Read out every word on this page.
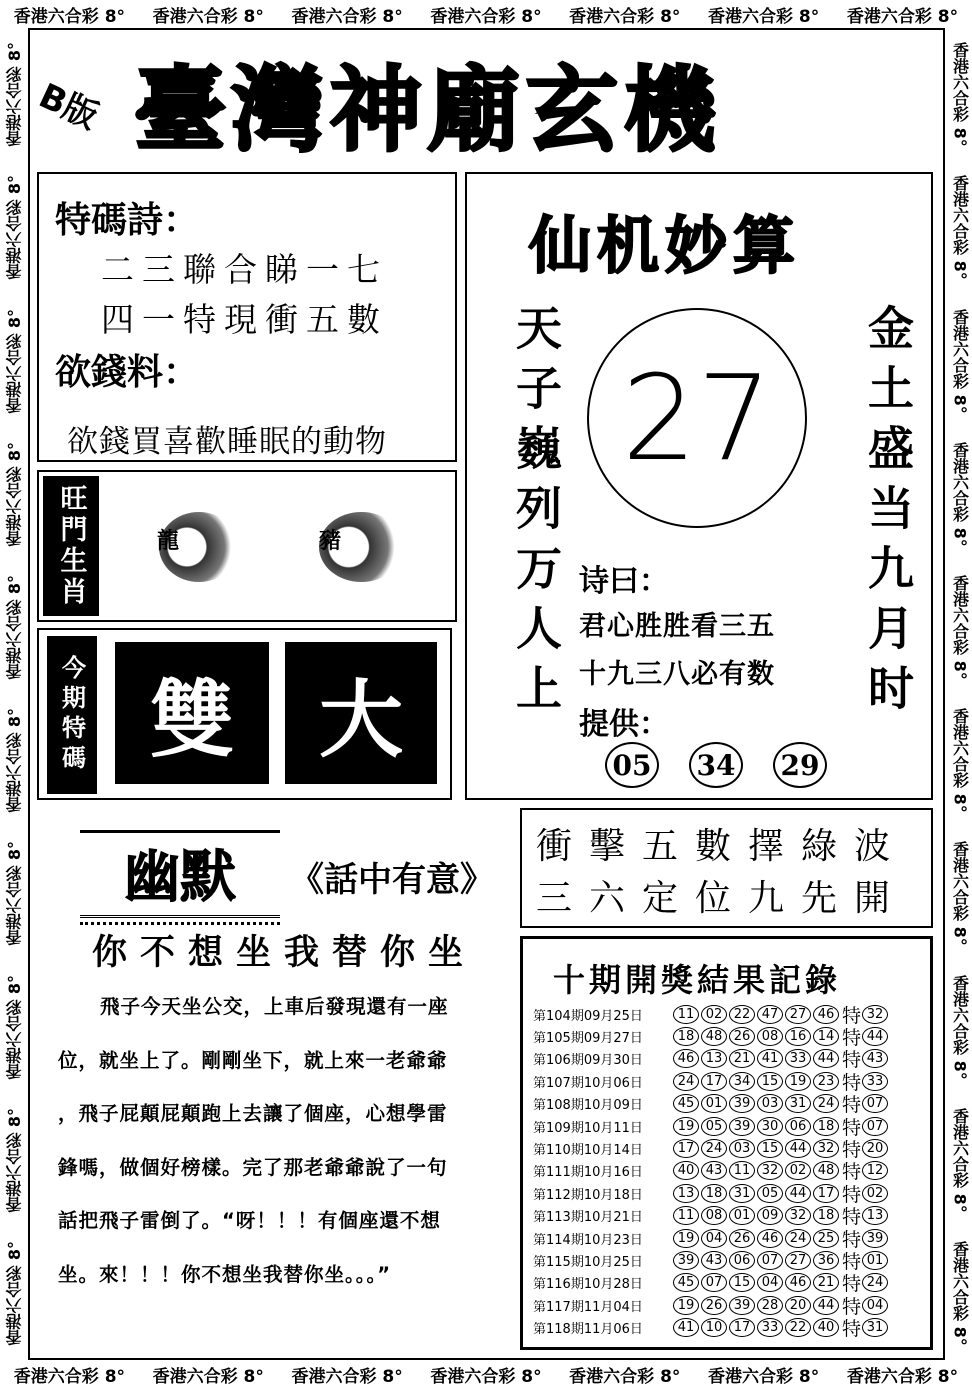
香港六合彩 8° 香港六合彩 8° 香港六合彩 8° 香港六合彩 8° 香港六合彩 8° 香港六合彩 8° 香港六合彩 8°
香港六合彩 8° 香港六合彩 8° 香港六合彩 8° 香港六合彩 8° 香港六合彩 8° 香港六合彩 8° 香港六合彩 8°
香港六合彩 8°
香港六合彩 8°
香港六合彩 8°
香港六合彩 8°
香港六合彩 8°
香港六合彩 8°
香港六合彩 8°
香港六合彩 8°
香港六合彩 8°
香港六合彩 8°
香港六合彩 8°
香港六合彩 8°
香港六合彩 8°
香港六合彩 8°
香港六合彩 8°
香港六合彩 8°
香港六合彩 8°
香港六合彩 8°
香港六合彩 8°
香港六合彩 8°
B版 臺灣神廟玄機
特碼詩：
二三聯合睇一七
四一特現衝五數
欲錢料：
欲錢買喜歡睡眠的動物
旺門生肖	龍	豬
今期特碼 雙	大
仙机妙算
天子巍列万人上	金土盛当九月时
27
诗曰：
君心胜胜看三五
十九三八必有数
提供：
05 34 29
衝擊五數擇綠波
三六定位九先開
幽默	《話中有意》
你不想坐我替你坐
飛子今天坐公交，上車后發現還有一座
位，就坐上了。剛剛坐下，就上來一老爺爺
，飛子屁顛屁顛跑上去讓了個座，心想學雷
鋒嗎，做個好榜樣。完了那老爺爺說了一句
話把飛子雷倒了。“呀！！！有個座還不想
坐。來！！！你不想坐我替你坐。。。”
十期開獎結果記錄
第104期09月25日	11 02 22 47 27 46 特 32
第105期09月27日	18 48 26 08 16 14 特 44
第106期09月30日	46 13 21 41 33 44 特 43
第107期10月06日	24 17 34 15 19 23 特 33
第108期10月09日	45 01 39 03 31 24 特 07
第109期10月11日	19 05 39 30 06 18 特 07
第110期10月14日	17 24 03 15 44 32 特 20
第111期10月16日	40 43 11 32 02 48 特 12
第112期10月18日	13 18 31 05 44 17 特 02
第113期10月21日	11 08 01 09 32 18 特 13
第114期10月23日	19 04 26 46 24 25 特 39
第115期10月25日	39 43 06 07 27 36 特 01
第116期10月28日	45 07 15 04 46 21 特 24
第117期11月04日	19 26 39 28 20 44 特 04
第118期11月06日	41 10 17 33 22 40 特 31
